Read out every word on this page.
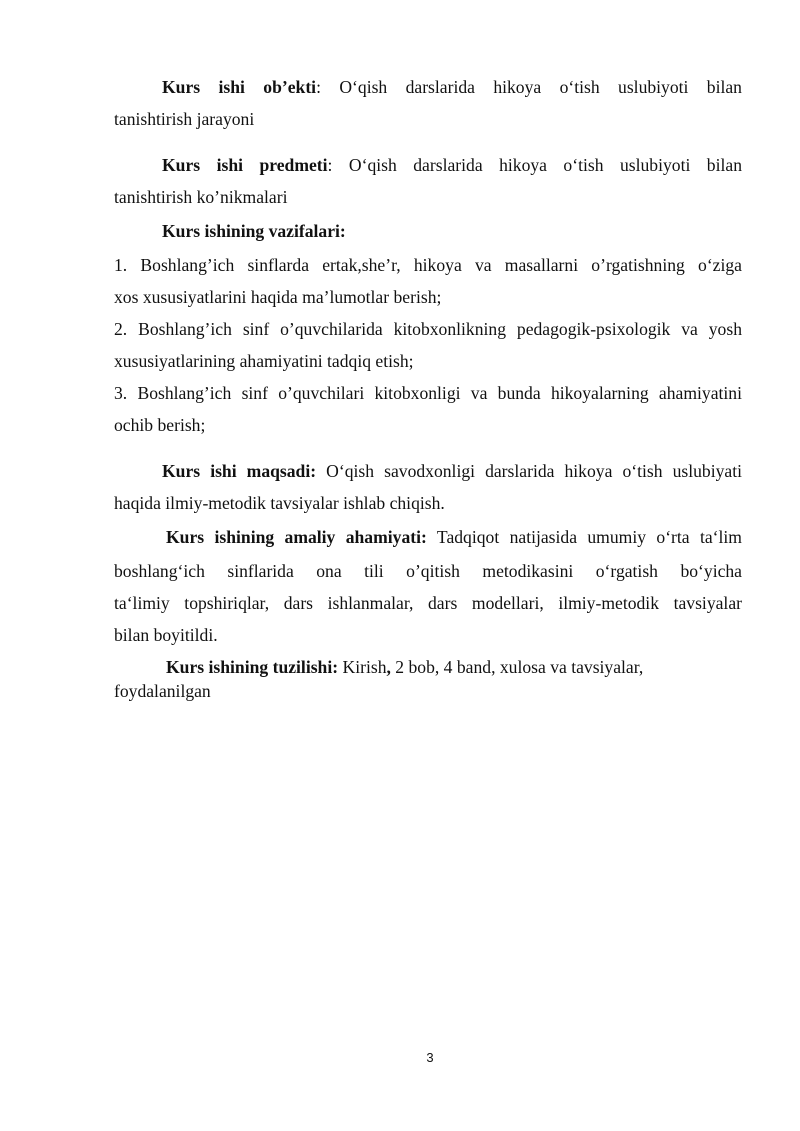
Kurs ishi ob’ekti: O‘qish darslarida hikoya o‘tish uslubiyoti bilan
tanishtirish jarayoni
Kurs ishi predmeti: O‘qish darslarida hikoya o‘tish uslubiyoti bilan
tanishtirish ko’nikmalari
Kurs ishining vazifalari:
1. Boshlang’ich sinflarda ertak,she’r, hikoya va masallarni o’rgatishning o‘ziga
xos xususiyatlarini haqida ma’lumotlar berish;
2. Boshlang’ich sinf o’quvchilarida kitobxonlikning pedagogik-psixologik va yosh
xususiyatlarining ahamiyatini tadqiq etish;
3. Boshlang’ich sinf o’quvchilari kitobxonligi va bunda hikoyalarning ahamiyatini
ochib berish;
Kurs ishi maqsadi: O‘qish savodxonligi darslarida hikoya o‘tish uslubiyati
haqida ilmiy-metodik tavsiyalar ishlab chiqish.
Kurs ishining amaliy ahamiyati: Tadqiqot natijasida umumiy o‘rta ta‘lim
boshlang‘ich sinflarida ona tili o’qitish metodikasini o‘rgatish bo‘yicha
ta‘limiy topshiriqlar, dars ishlanmalar, dars modellari, ilmiy-metodik tavsiyalar
bilan boyitildi.
Kurs ishining tuzilishi: Kirish, 2 bob, 4 band, xulosa va tavsiyalar,
foydalanilgan
3
